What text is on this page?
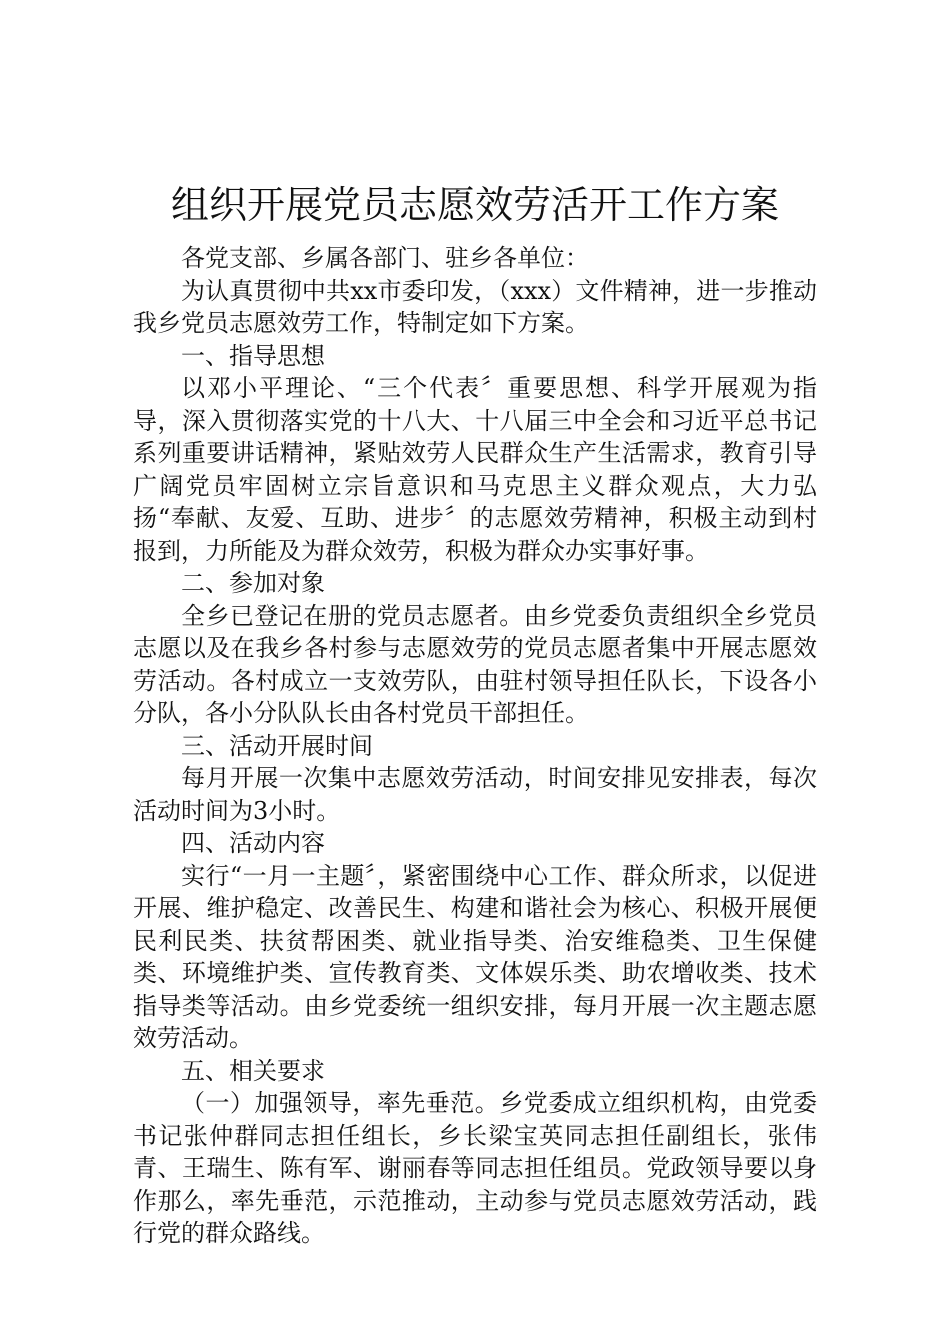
组织开展党员志愿效劳活开工作方案

各党支部、乡属各部门、驻乡各单位：

为认真贯彻中共xx市委印发，（xxx）文件精神，进一步推动我乡党员志愿效劳工作，特制定如下方案。

一、指导思想

以邓小平理论、“三个代表〞重要思想、科学开展观为指导，深入贯彻落实党的十八大、十八届三中全会和习近平总书记系列重要讲话精神，紧贴效劳人民群众生产生活需求，教育引导广阔党员牢固树立宗旨意识和马克思主义群众观点，大力弘扬“奉献、友爱、互助、进步〞的志愿效劳精神，积极主动到村报到，力所能及为群众效劳，积极为群众办实事好事。

二、参加对象

全乡已登记在册的党员志愿者。由乡党委负责组织全乡党员志愿以及在我乡各村参与志愿效劳的党员志愿者集中开展志愿效劳活动。各村成立一支效劳队，由驻村领导担任队长，下设各小分队，各小分队队长由各村党员干部担任。

三、活动开展时间

每月开展一次集中志愿效劳活动，时间安排见安排表，每次活动时间为3小时。

四、活动内容

实行“一月一主题〞，紧密围绕中心工作、群众所求，以促进开展、维护稳定、改善民生、构建和谐社会为核心、积极开展便民利民类、扶贫帮困类、就业指导类、治安维稳类、卫生保健类、环境维护类、宣传教育类、文体娱乐类、助农增收类、技术指导类等活动。由乡党委统一组织安排，每月开展一次主题志愿效劳活动。

五、相关要求

（一）加强领导，率先垂范。乡党委成立组织机构，由党委书记张仲群同志担任组长，乡长梁宝英同志担任副组长，张伟青、王瑞生、陈有军、谢丽春等同志担任组员。党政领导要以身作那么，率先垂范，示范推动，主动参与党员志愿效劳活动，践行党的群众路线。
